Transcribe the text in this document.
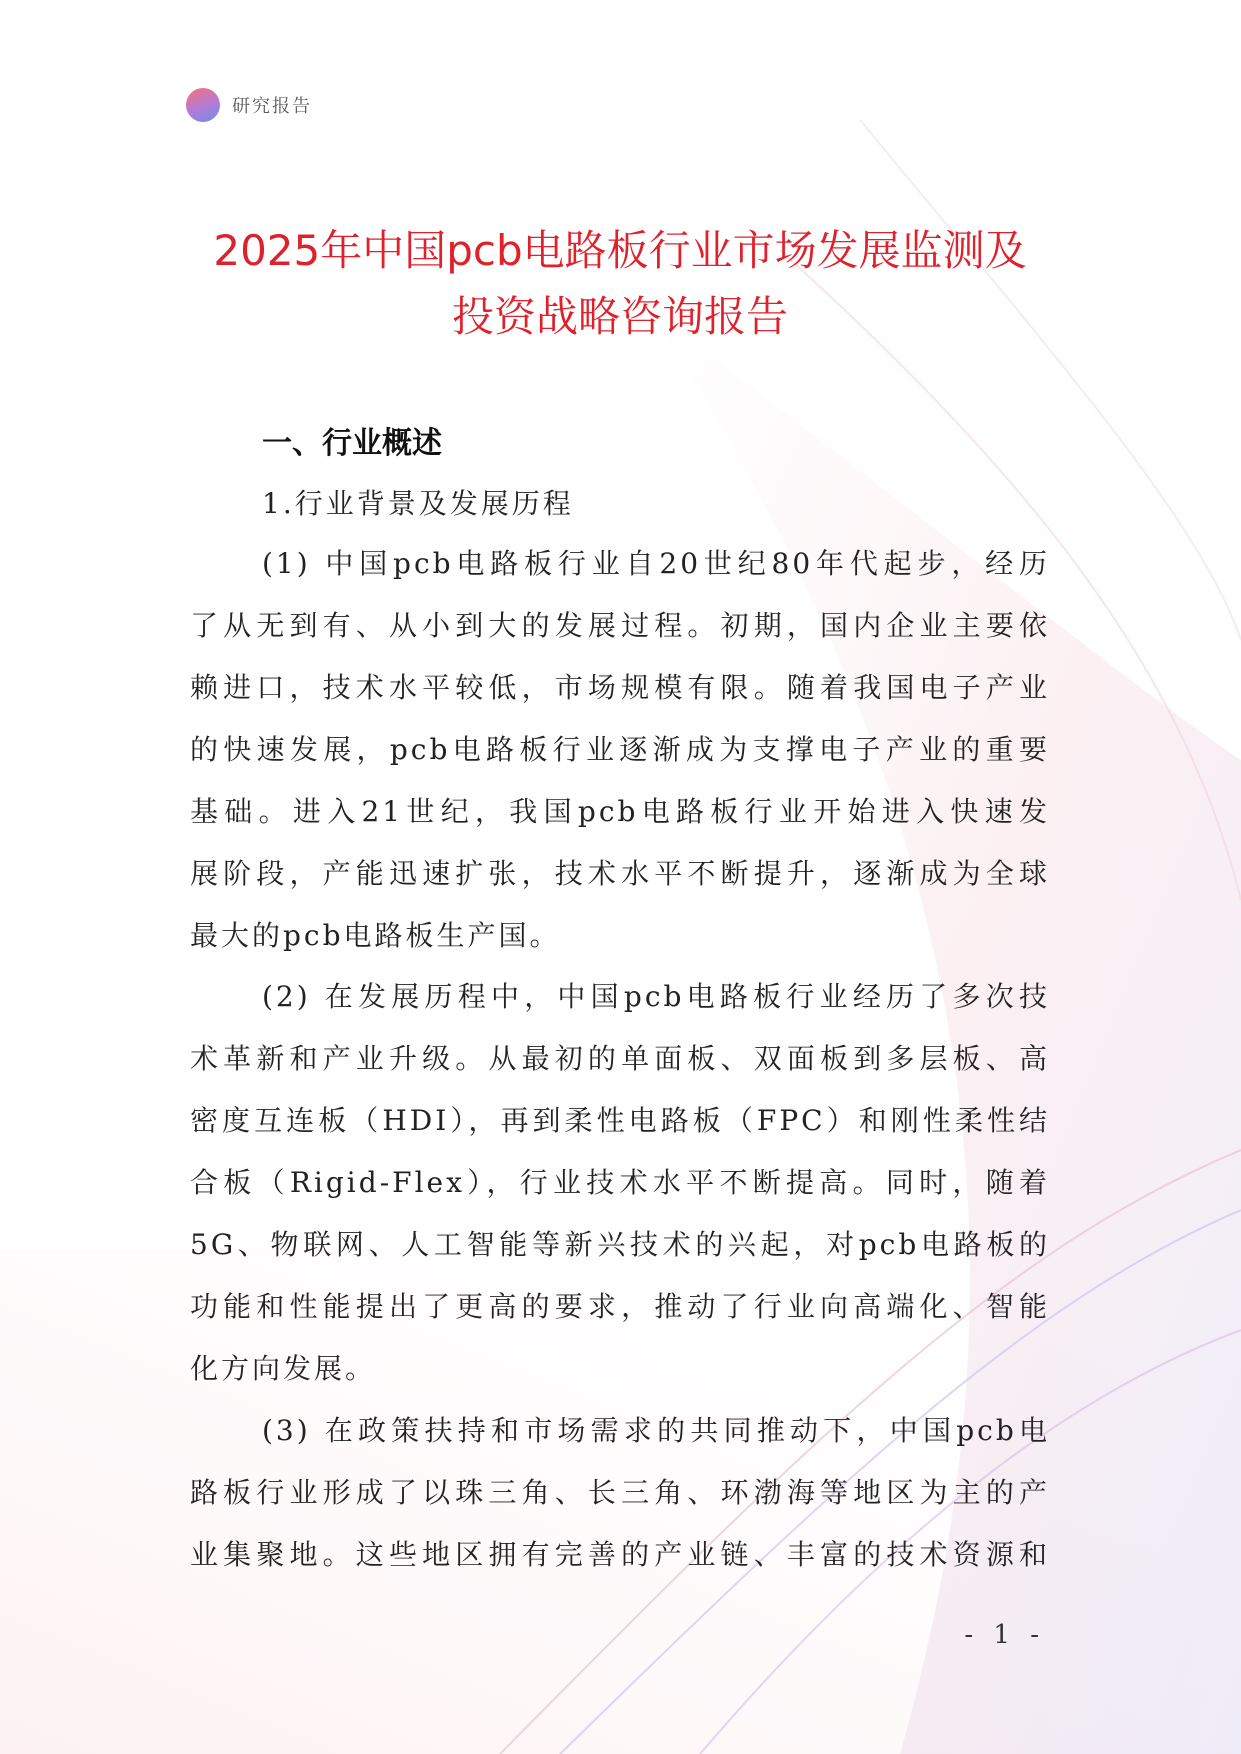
研究报告
2025年中国pcb电路板行业市场发展监测及
投资战略咨询报告
一、行业概述
1.行业背景及发展历程

(1) 中国pcb电路板行业自20世纪80年代起步，经历
了从无到有、从小到大的发展过程。初期，国内企业主要依
赖进口，技术水平较低，市场规模有限。随着我国电子产业
的快速发展，pcb电路板行业逐渐成为支撑电子产业的重要
基础。进入21世纪，我国pcb电路板行业开始进入快速发
展阶段，产能迅速扩张，技术水平不断提升，逐渐成为全球
最大的pcb电路板生产国。

(2) 在发展历程中，中国pcb电路板行业经历了多次技
术革新和产业升级。从最初的单面板、双面板到多层板、高
密度互连板（HDI），再到柔性电路板（FPC）和刚性柔性结
合板（Rigid-Flex），行业技术水平不断提高。同时，随着
5G、物联网、人工智能等新兴技术的兴起，对pcb电路板的
功能和性能提出了更高的要求，推动了行业向高端化、智能
化方向发展。

(3) 在政策扶持和市场需求的共同推动下，中国pcb电
路板行业形成了以珠三角、长三角、环渤海等地区为主的产
业集聚地。这些地区拥有完善的产业链、丰富的技术资源和

- 1 -
